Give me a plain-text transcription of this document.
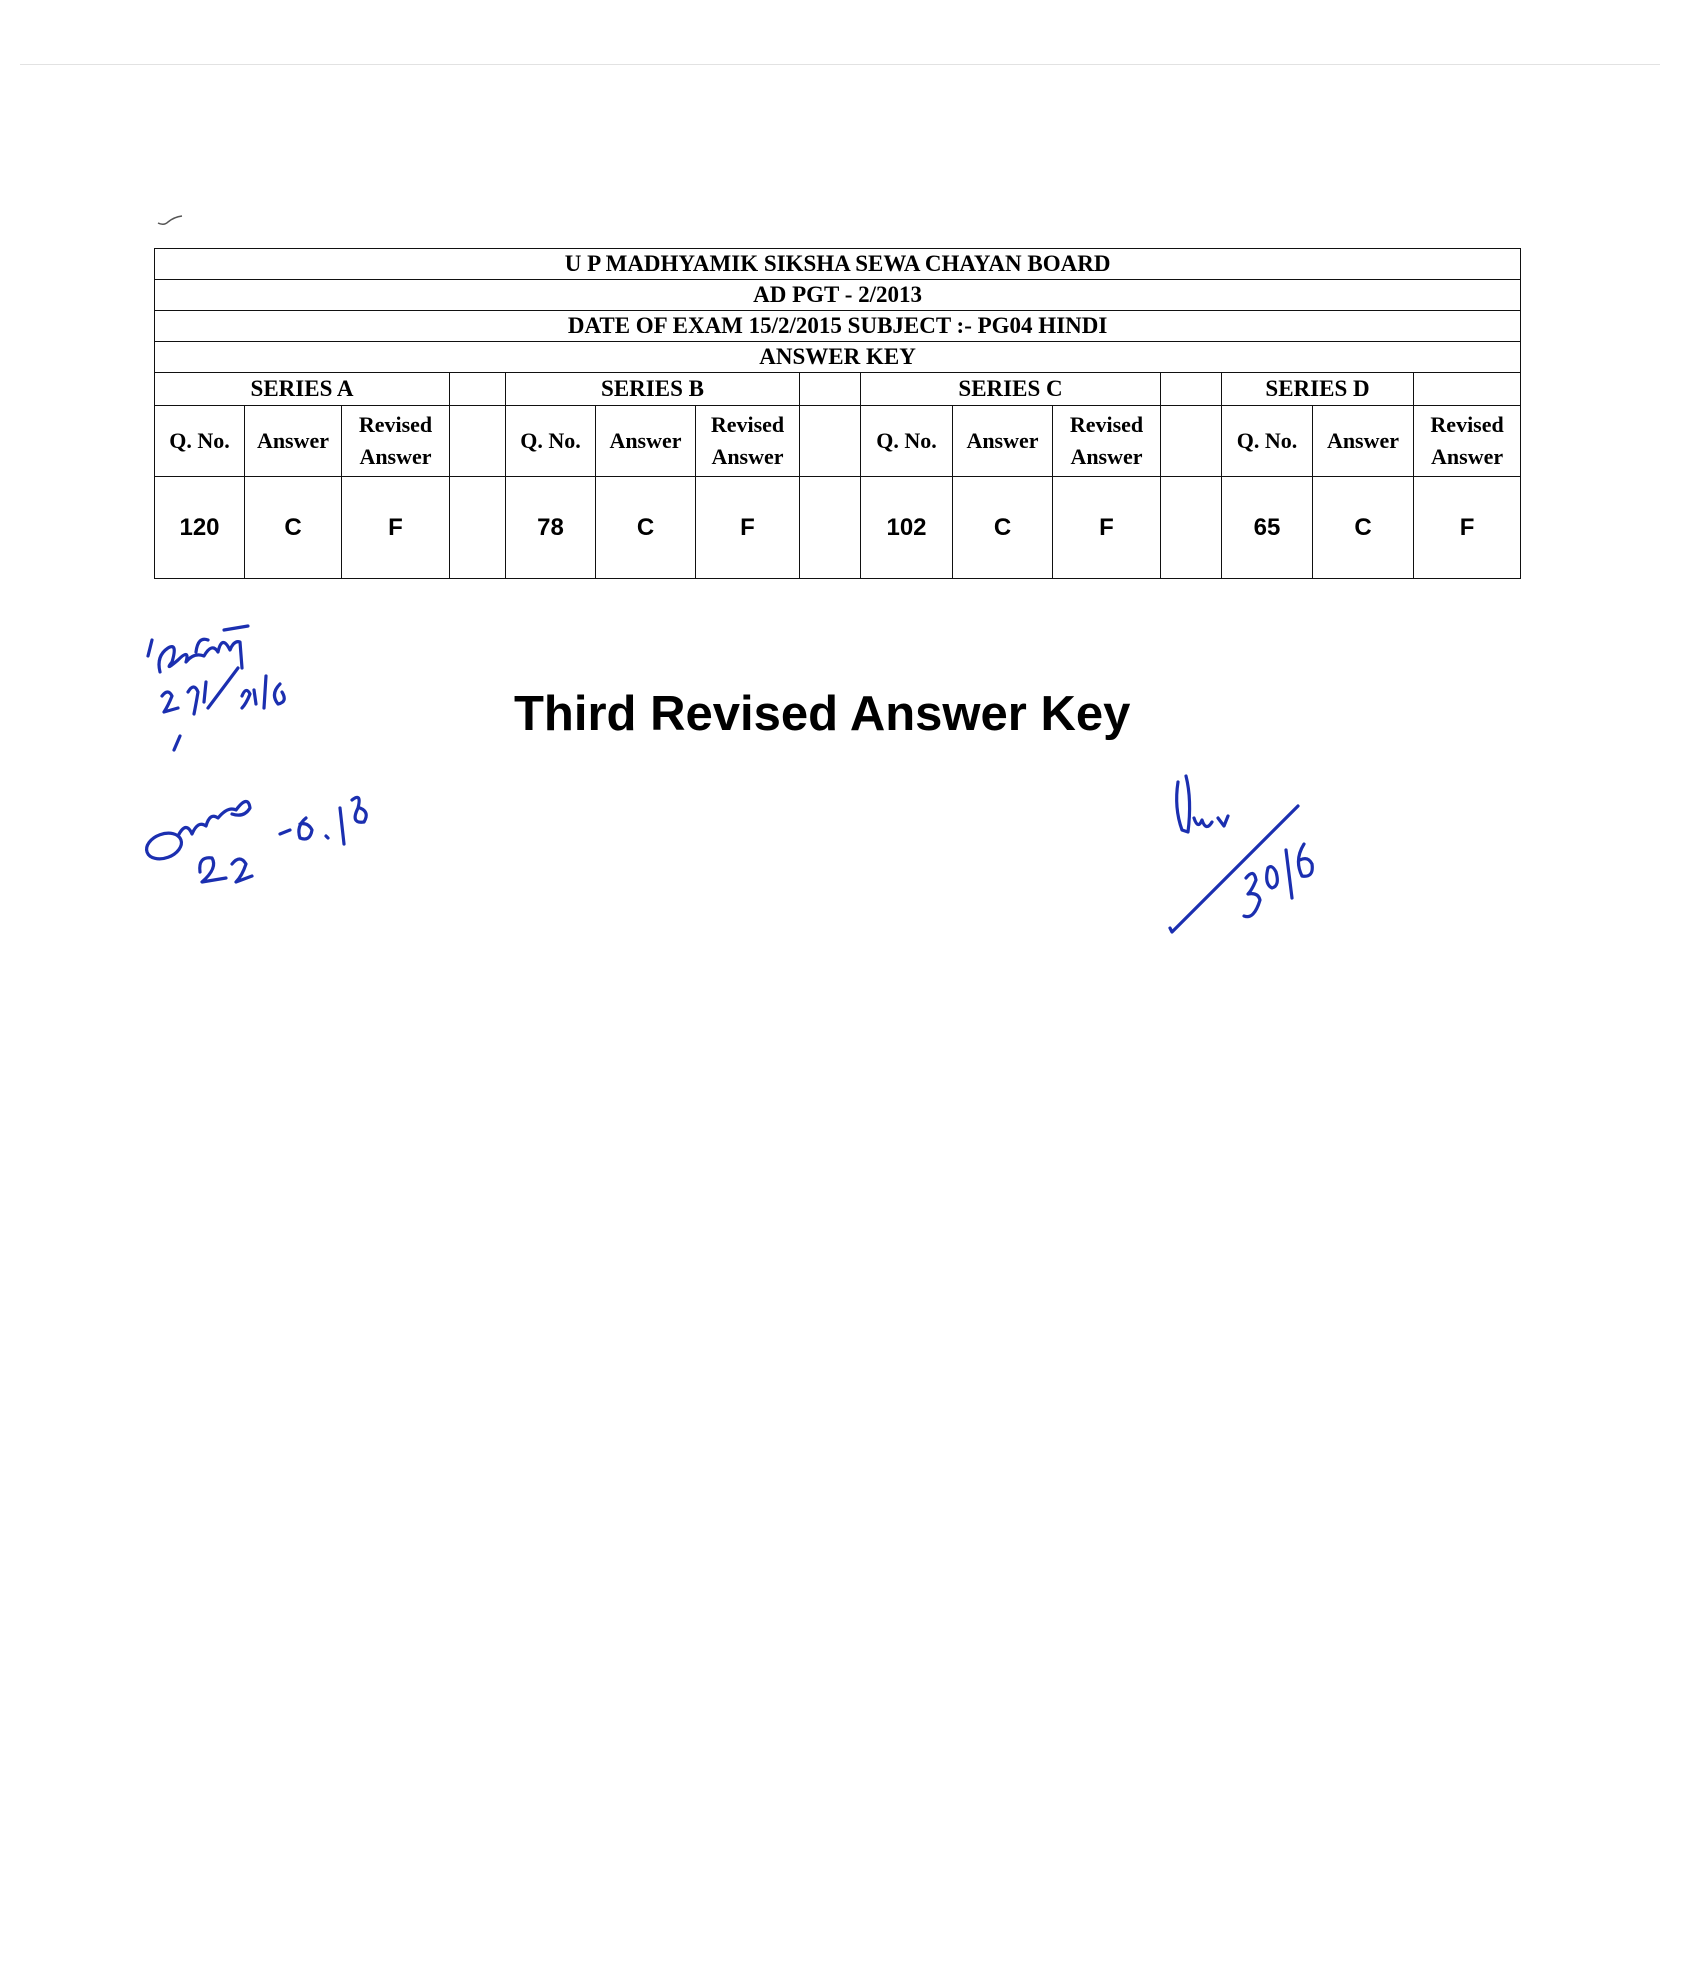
U P MADHYAMIK SIKSHA SEWA CHAYAN BOARD														
AD PGT - 2/2013														
DATE OF EXAM 15/2/2015 SUBJECT :- PG04 HINDI														
ANSWER KEY														
SERIES A				SERIES B				SERIES C				SERIES D		
Q. No.	Answer	Revised Answer		Q. No.	Answer	Revised Answer		Q. No.	Answer	Revised Answer		Q. No.	Answer	Revised Answer
120	C	F		78	C	F		102	C	F		65	C	F
Third Revised Answer Key
